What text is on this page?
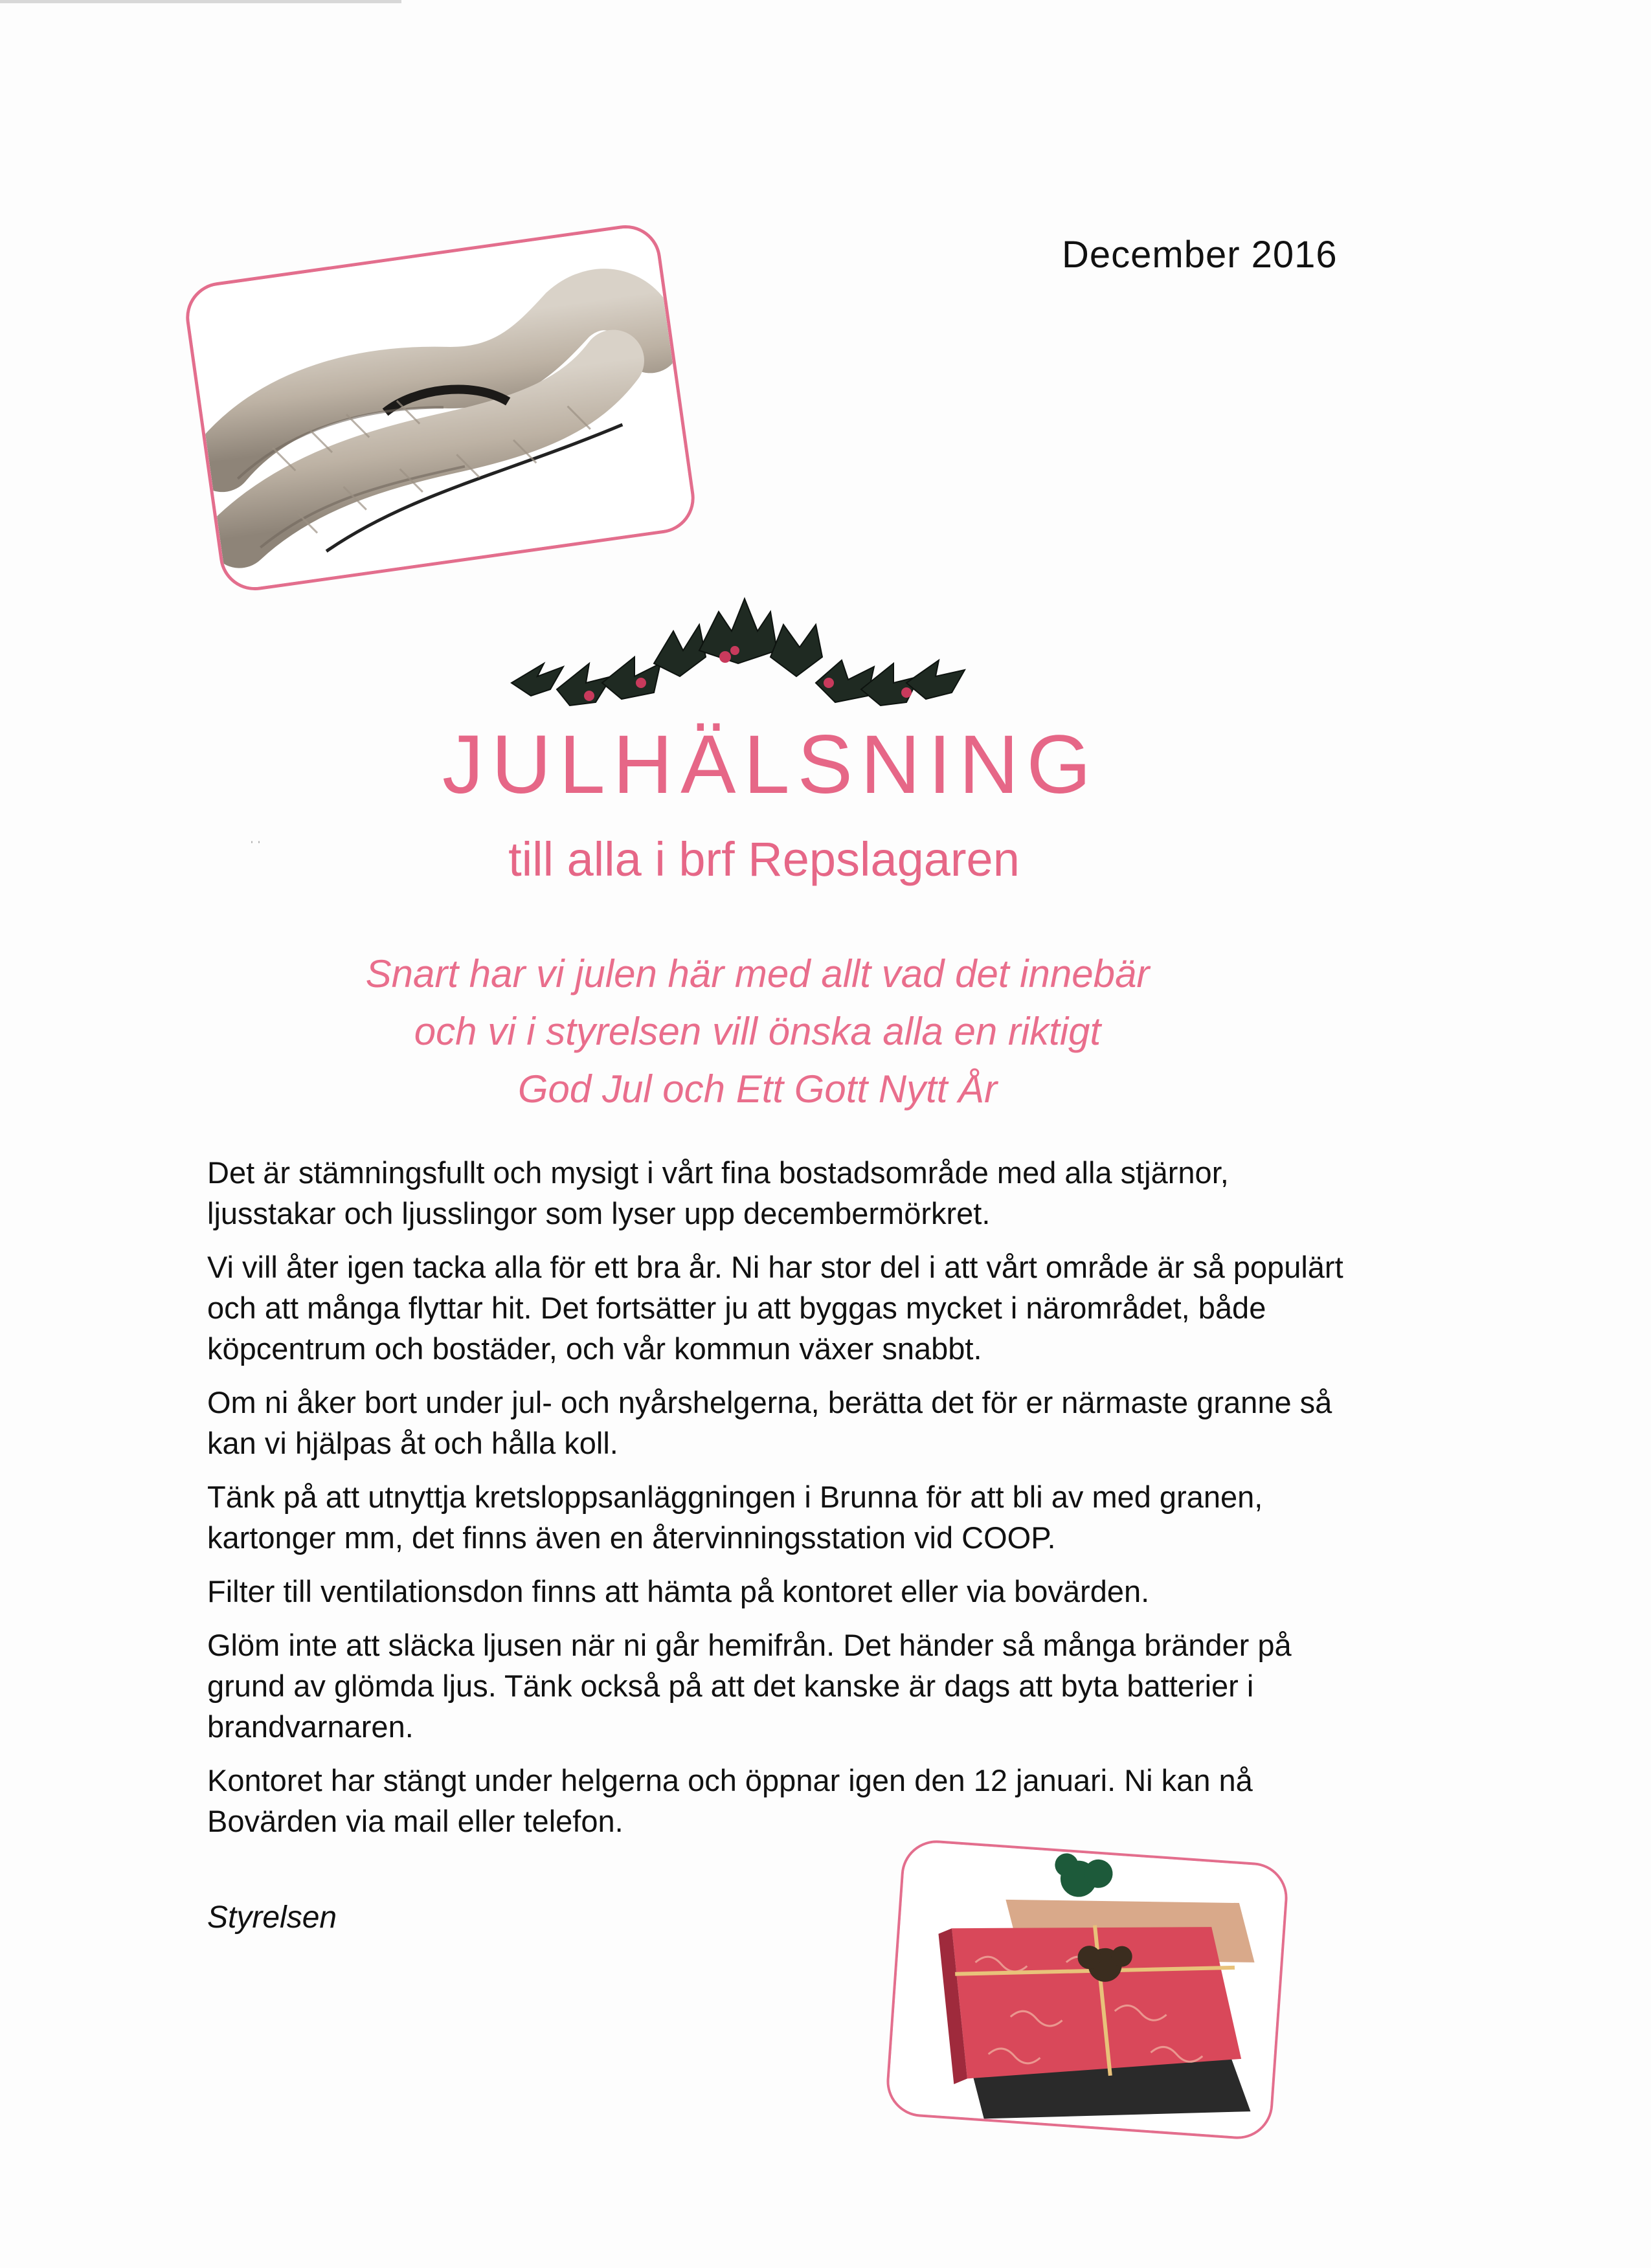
December 2016
JULHÄLSNING
till alla i brf Repslagaren
ˌ ˌ
Snart har vi julen här med allt vad det innebär
och vi i styrelsen vill önska alla en riktigt
God Jul och Ett Gott Nytt År

Det är stämningsfullt och mysigt i vårt fina bostadsområde med alla stjärnor, ljusstakar och ljusslingor som lyser upp decembermörkret.

Vi vill åter igen tacka alla för ett bra år. Ni har stor del i att vårt område är så populärt och att många flyttar hit. Det fortsätter ju att byggas mycket i närområdet, både köpcentrum och bostäder, och vår kommun växer snabbt.

Om ni åker bort under jul- och nyårshelgerna, berätta det för er närmaste granne så kan vi hjälpas åt och hålla koll.

Tänk på att utnyttja kretsloppsanläggningen i Brunna för att bli av med granen, kartonger mm, det finns även en återvinningsstation vid COOP.

Filter till ventilationsdon finns att hämta på kontoret eller via bovärden.

Glöm inte att släcka ljusen när ni går hemifrån. Det händer så många bränder på grund av glömda ljus. Tänk också på att det kanske är dags att byta batterier i brandvarnaren.

Kontoret har stängt under helgerna och öppnar igen den 12 januari. Ni kan nå Bovärden via mail eller telefon.

Styrelsen
